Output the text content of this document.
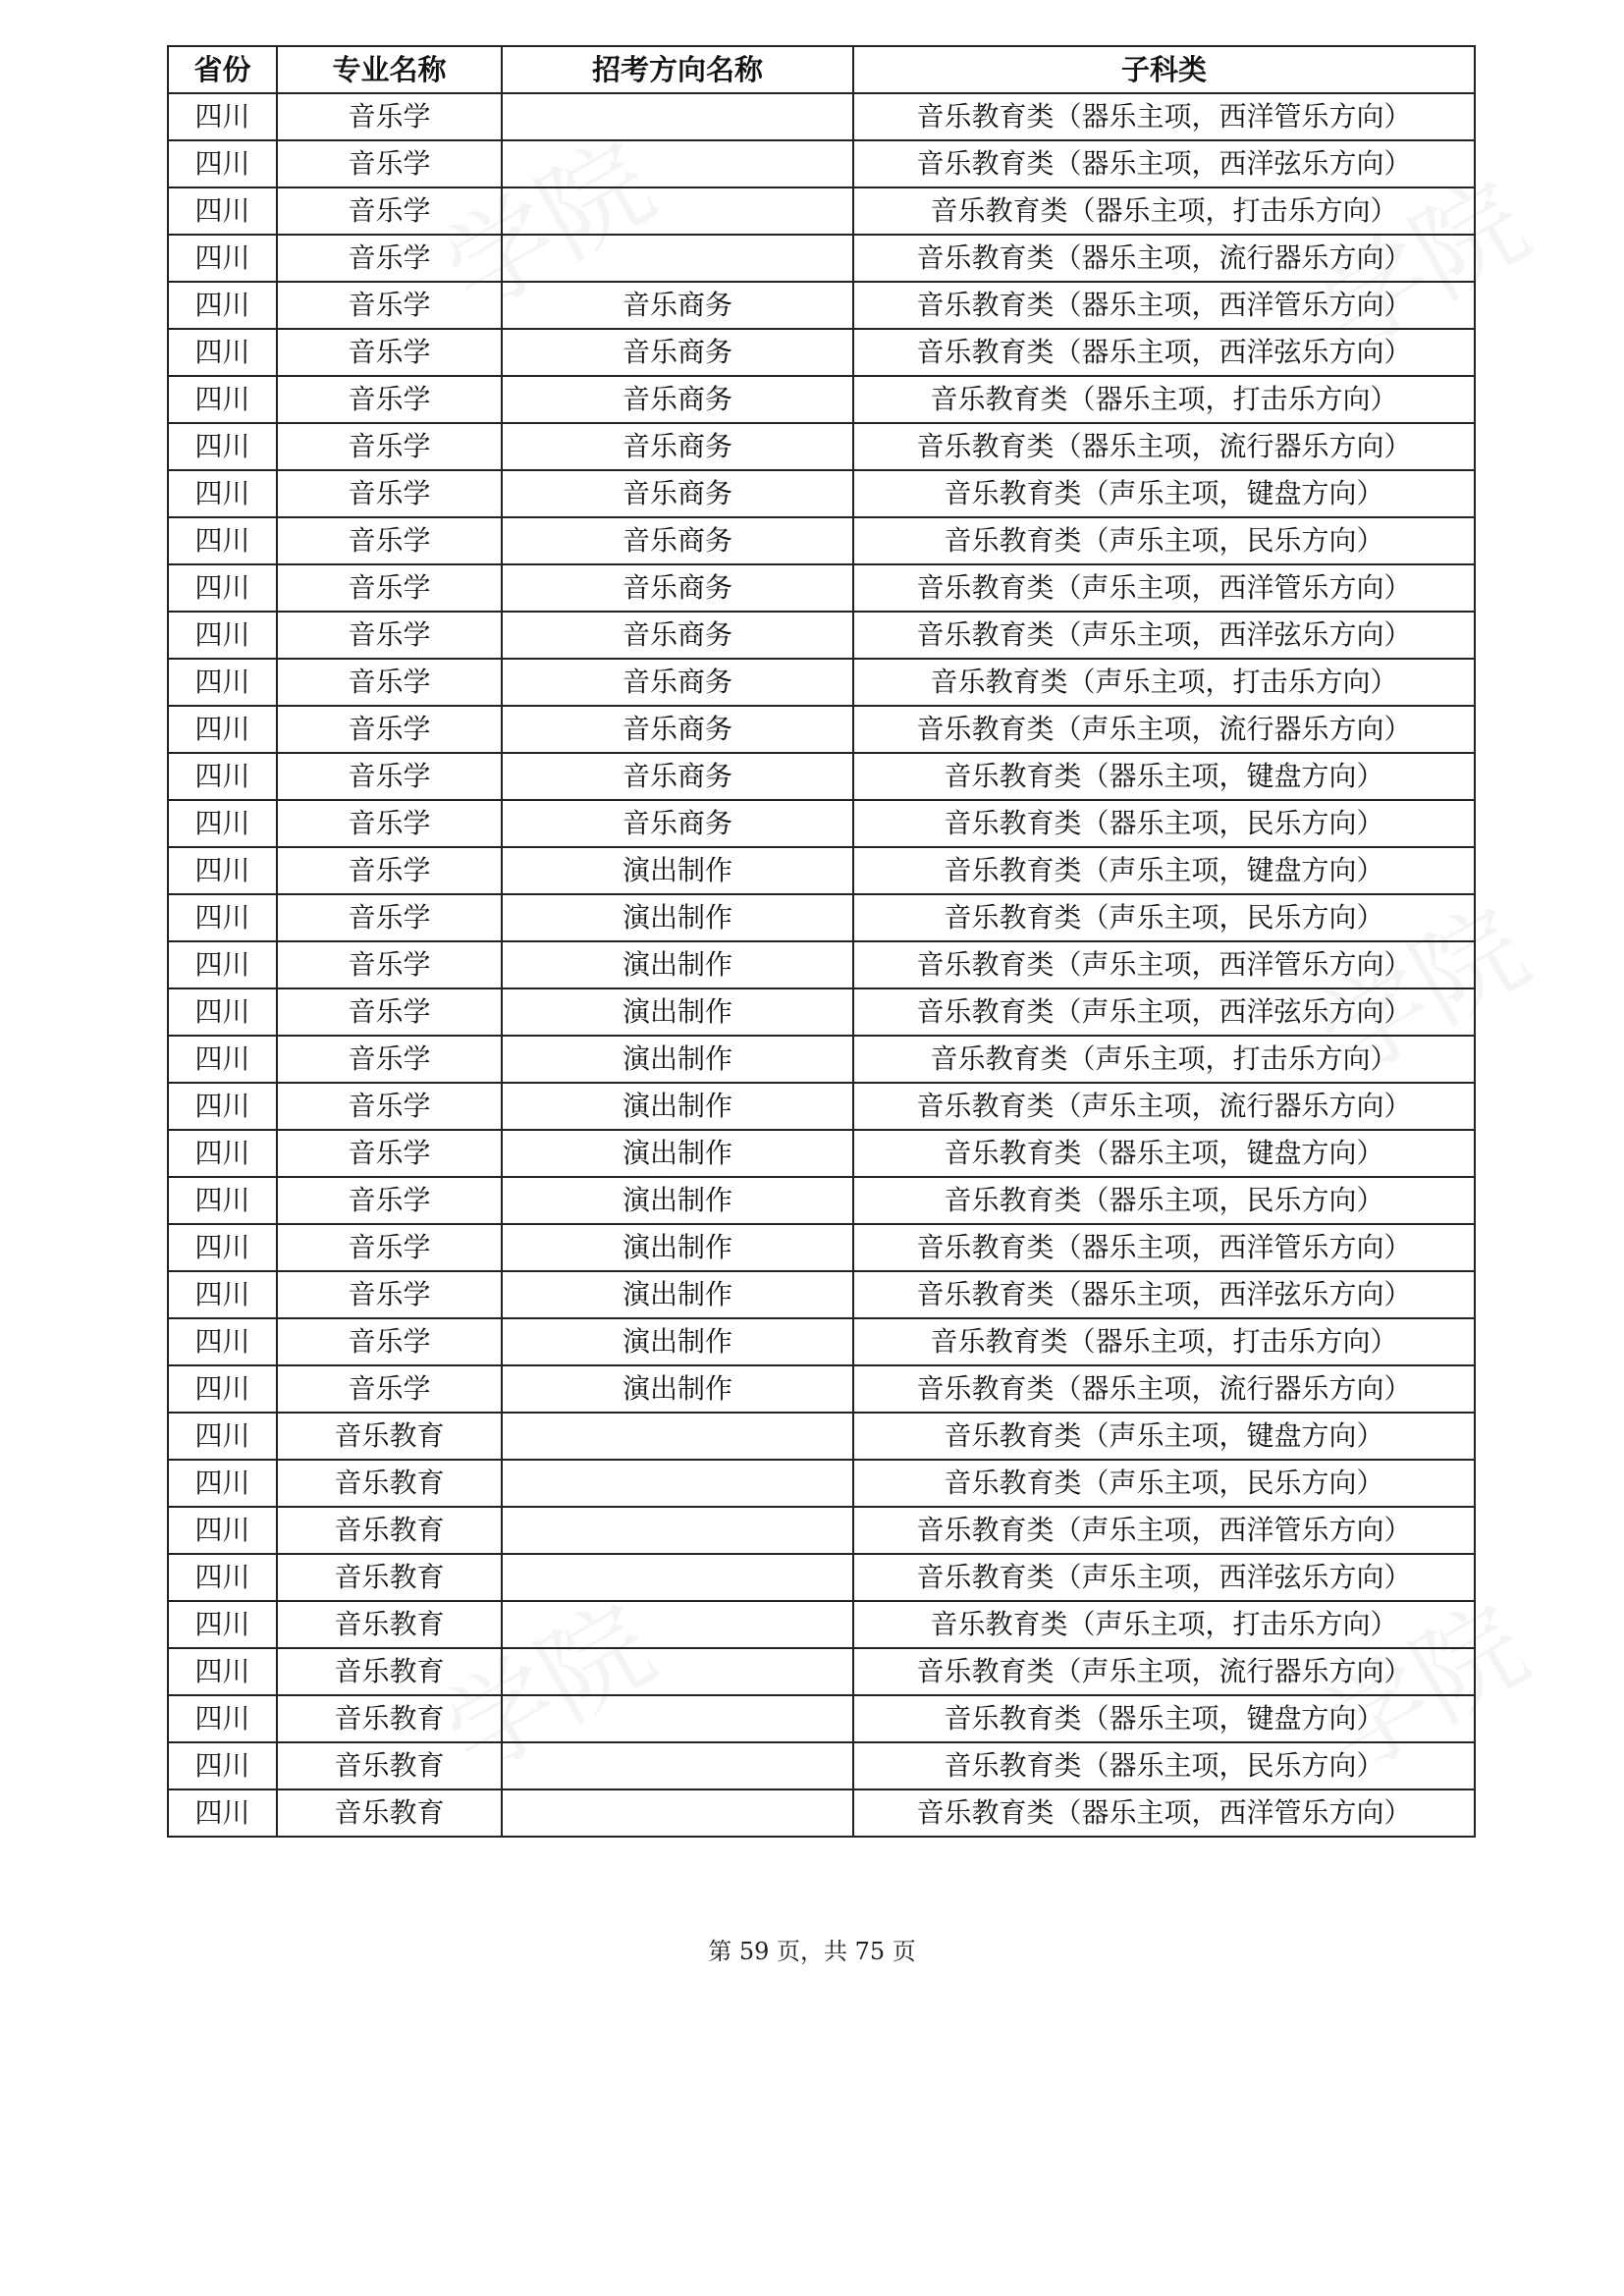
省份	专业名称	招考方向名称	子科类
四川	音乐学		音乐教育类（器乐主项，西洋管乐方向）
四川	音乐学		音乐教育类（器乐主项，西洋弦乐方向）
四川	音乐学		音乐教育类（器乐主项，打击乐方向）
四川	音乐学		音乐教育类（器乐主项，流行器乐方向）
四川	音乐学	音乐商务	音乐教育类（器乐主项，西洋管乐方向）
四川	音乐学	音乐商务	音乐教育类（器乐主项，西洋弦乐方向）
四川	音乐学	音乐商务	音乐教育类（器乐主项，打击乐方向）
四川	音乐学	音乐商务	音乐教育类（器乐主项，流行器乐方向）
四川	音乐学	音乐商务	音乐教育类（声乐主项，键盘方向）
四川	音乐学	音乐商务	音乐教育类（声乐主项，民乐方向）
四川	音乐学	音乐商务	音乐教育类（声乐主项，西洋管乐方向）
四川	音乐学	音乐商务	音乐教育类（声乐主项，西洋弦乐方向）
四川	音乐学	音乐商务	音乐教育类（声乐主项，打击乐方向）
四川	音乐学	音乐商务	音乐教育类（声乐主项，流行器乐方向）
四川	音乐学	音乐商务	音乐教育类（器乐主项，键盘方向）
四川	音乐学	音乐商务	音乐教育类（器乐主项，民乐方向）
四川	音乐学	演出制作	音乐教育类（声乐主项，键盘方向）
四川	音乐学	演出制作	音乐教育类（声乐主项，民乐方向）
四川	音乐学	演出制作	音乐教育类（声乐主项，西洋管乐方向）
四川	音乐学	演出制作	音乐教育类（声乐主项，西洋弦乐方向）
四川	音乐学	演出制作	音乐教育类（声乐主项，打击乐方向）
四川	音乐学	演出制作	音乐教育类（声乐主项，流行器乐方向）
四川	音乐学	演出制作	音乐教育类（器乐主项，键盘方向）
四川	音乐学	演出制作	音乐教育类（器乐主项，民乐方向）
四川	音乐学	演出制作	音乐教育类（器乐主项，西洋管乐方向）
四川	音乐学	演出制作	音乐教育类（器乐主项，西洋弦乐方向）
四川	音乐学	演出制作	音乐教育类（器乐主项，打击乐方向）
四川	音乐学	演出制作	音乐教育类（器乐主项，流行器乐方向）
四川	音乐教育		音乐教育类（声乐主项，键盘方向）
四川	音乐教育		音乐教育类（声乐主项，民乐方向）
四川	音乐教育		音乐教育类（声乐主项，西洋管乐方向）
四川	音乐教育		音乐教育类（声乐主项，西洋弦乐方向）
四川	音乐教育		音乐教育类（声乐主项，打击乐方向）
四川	音乐教育		音乐教育类（声乐主项，流行器乐方向）
四川	音乐教育		音乐教育类（器乐主项，键盘方向）
四川	音乐教育		音乐教育类（器乐主项，民乐方向）
四川	音乐教育		音乐教育类（器乐主项，西洋管乐方向）
第 59 页，共 75 页
